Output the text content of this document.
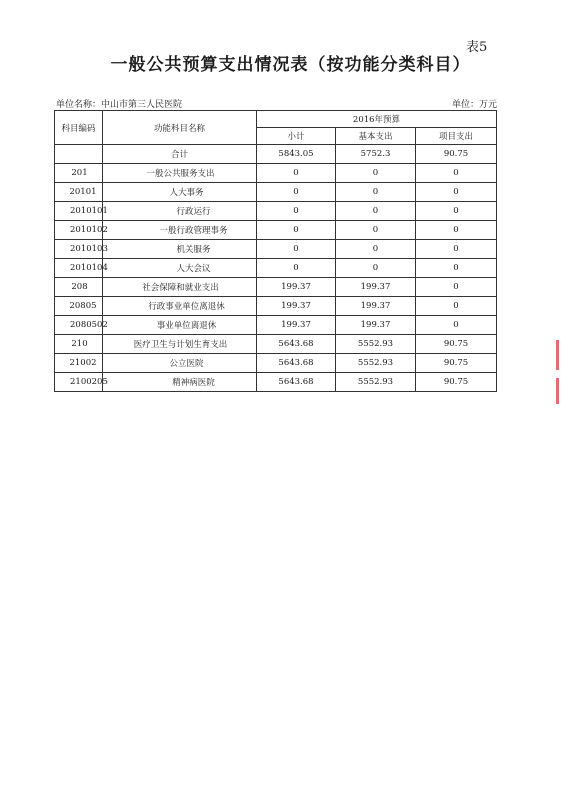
表5
一般公共预算支出情况表（按功能分类科目）
单位名称：中山市第三人民医院	单位：万元
科目编码	功能科目名称	2016年预算		
		小计	基本支出	项目支出
	合计	5843.05	5752.3	90.75
201	一般公共服务支出	0	0	0
20101	人大事务	0	0	0
2010101	行政运行	0	0	0
2010102	一般行政管理事务	0	0	0
2010103	机关服务	0	0	0
2010104	人大会议	0	0	0
208	社会保障和就业支出	199.37	199.37	0
20805	行政事业单位离退休	199.37	199.37	0
2080502	事业单位离退休	199.37	199.37	0
210	医疗卫生与计划生育支出	5643.68	5552.93	90.75
21002	公立医院	5643.68	5552.93	90.75
2100205	精神病医院	5643.68	5552.93	90.75
